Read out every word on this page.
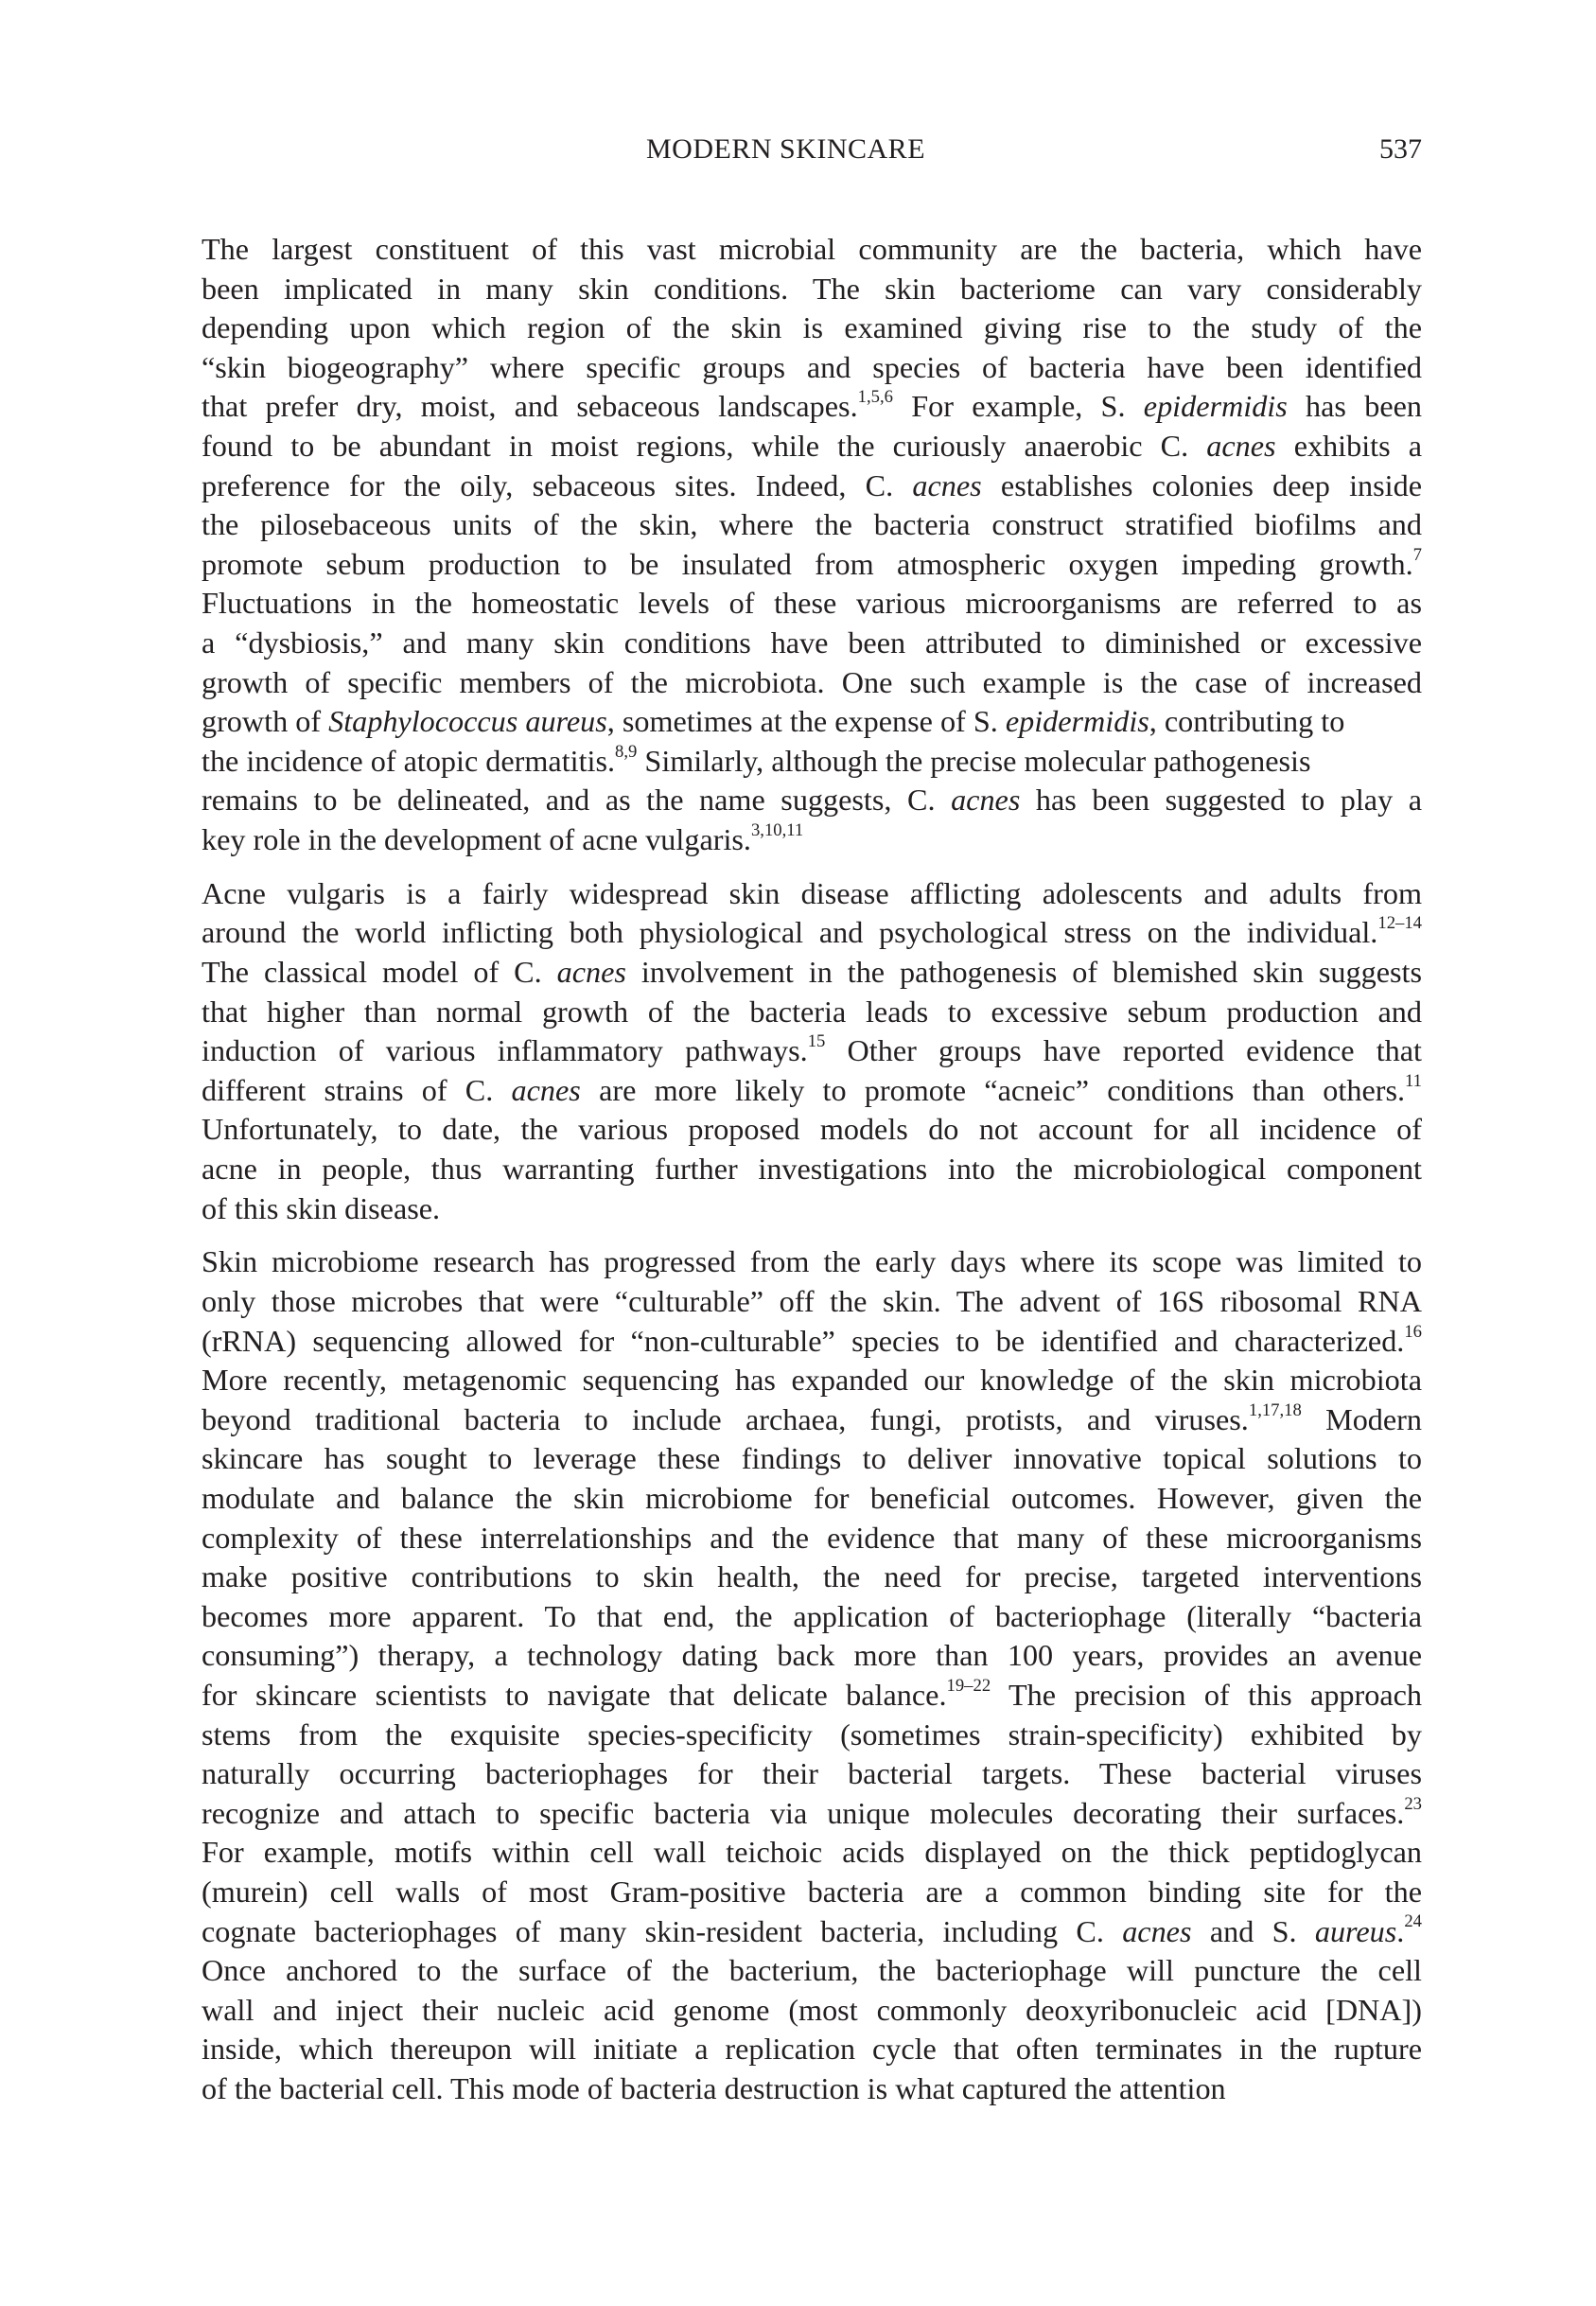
MODERN SKINCARE	537
The largest constituent of this vast microbial community are the bacteria, which have
been implicated in many skin conditions. The skin bacteriome can vary considerably
depending upon which region of the skin is examined giving rise to the study of the
“skin biogeography” where specific groups and species of bacteria have been identified
that prefer dry, moist, and sebaceous landscapes.$^{1,5,6}$ For example, S. epidermidis has been
found to be abundant in moist regions, while the curiously anaerobic C. acnes exhibits a
preference for the oily, sebaceous sites. Indeed, C. acnes establishes colonies deep inside
the pilosebaceous units of the skin, where the bacteria construct stratified biofilms and
promote sebum production to be insulated from atmospheric oxygen impeding growth.$^7$
Fluctuations in the homeostatic levels of these various microorganisms are referred to as
a “dysbiosis,” and many skin conditions have been attributed to diminished or excessive
growth of specific members of the microbiota. One such example is the case of increased
growth of Staphylococcus aureus, sometimes at the expense of S. epidermidis, contributing to
the incidence of atopic dermatitis.$^{8,9}$ Similarly, although the precise molecular pathogenesis
remains to be delineated, and as the name suggests, C. acnes has been suggested to play a
key role in the development of acne vulgaris.$^{3,10,11}$
Acne vulgaris is a fairly widespread skin disease afflicting adolescents and adults from
around the world inflicting both physiological and psychological stress on the individual.$^{12-14}$
The classical model of C. acnes involvement in the pathogenesis of blemished skin suggests
that higher than normal growth of the bacteria leads to excessive sebum production and
induction of various inflammatory pathways.$^{15}$ Other groups have reported evidence that
different strains of C. acnes are more likely to promote “acneic” conditions than others.$^{11}$
Unfortunately, to date, the various proposed models do not account for all incidence of
acne in people, thus warranting further investigations into the microbiological component
of this skin disease.
Skin microbiome research has progressed from the early days where its scope was limited to
only those microbes that were “culturable” off the skin. The advent of 16S ribosomal RNA
(rRNA) sequencing allowed for “non-culturable” species to be identified and characterized.$^{16}$
More recently, metagenomic sequencing has expanded our knowledge of the skin microbiota
beyond traditional bacteria to include archaea, fungi, protists, and viruses.$^{1,17,18}$ Modern
skincare has sought to leverage these findings to deliver innovative topical solutions to
modulate and balance the skin microbiome for beneficial outcomes. However, given the
complexity of these interrelationships and the evidence that many of these microorganisms
make positive contributions to skin health, the need for precise, targeted interventions
becomes more apparent. To that end, the application of bacteriophage (literally “bacteria
consuming”) therapy, a technology dating back more than 100 years, provides an avenue
for skincare scientists to navigate that delicate balance.$^{19-22}$ The precision of this approach
stems from the exquisite species-specificity (sometimes strain-specificity) exhibited by
naturally occurring bacteriophages for their bacterial targets. These bacterial viruses
recognize and attach to specific bacteria via unique molecules decorating their surfaces.$^{23}$
For example, motifs within cell wall teichoic acids displayed on the thick peptidoglycan
(murein) cell walls of most Gram-positive bacteria are a common binding site for the
cognate bacteriophages of many skin-resident bacteria, including C. acnes and S. aureus.$^{24}$
Once anchored to the surface of the bacterium, the bacteriophage will puncture the cell
wall and inject their nucleic acid genome (most commonly deoxyribonucleic acid [DNA])
inside, which thereupon will initiate a replication cycle that often terminates in the rupture
of the bacterial cell. This mode of bacteria destruction is what captured the attention
